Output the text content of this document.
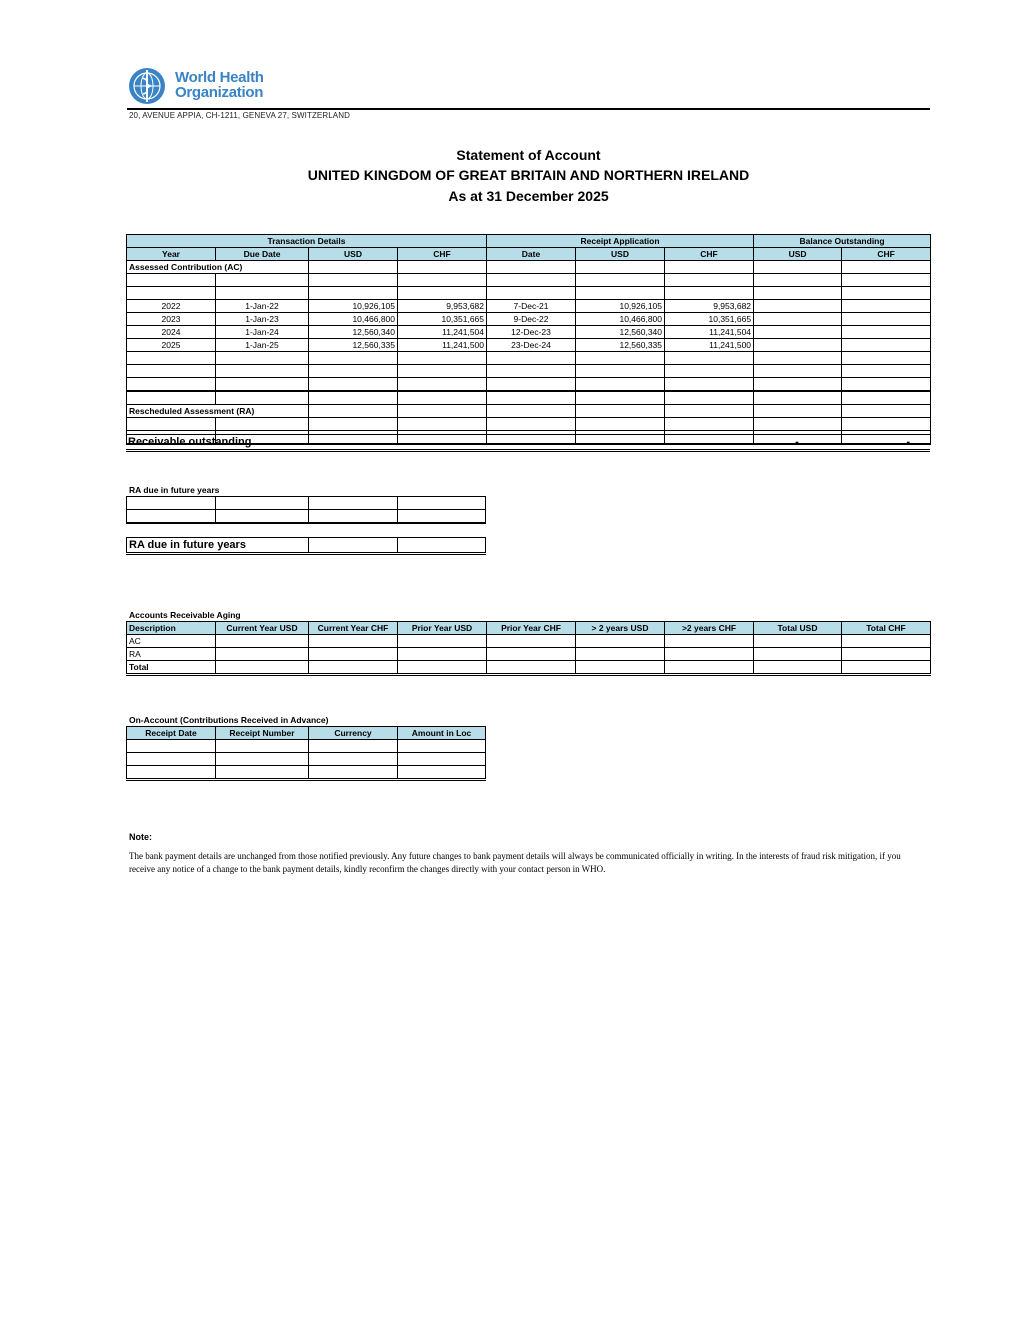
World Health
Organization
20, AVENUE APPIA, CH-1211, GENEVA 27, SWITZERLAND
Statement of Account
UNITED KINGDOM OF GREAT BRITAIN AND NORTHERN IRELAND
As at 31 December 2025
Transaction Details				Receipt Application			Balance Outstanding	
Year	Due Date	USD	CHF	Date	USD	CHF	USD	CHF
Assessed Contribution (AC)								

2022	1-Jan-22	10,926,105	9,953,682	7-Dec-21	10,926,105	9,953,682		
2023	1-Jan-23	10,466,800	10,351,665	9-Dec-22	10,466,800	10,351,665		
2024	1-Jan-24	12,560,340	11,241,504	12-Dec-23	12,560,340	11,241,504		
2025	1-Jan-25	12,560,335	11,241,500	23-Dec-24	12,560,335	11,241,500		

Rescheduled Assessment (RA)								

Receivable outstanding	-	-
RA due in future years

RA due in future years		
Accounts Receivable Aging
Description	Current Year USD	Current Year CHF	Prior Year USD	Prior Year CHF	> 2 years USD	>2 years CHF	Total USD	Total CHF
AC								
RA								
Total								
On-Account (Contributions Received in Advance)
Receipt Date	Receipt Number	Currency	Amount in Loc

Note:
The bank payment details are unchanged from those notified previously. Any future changes to bank payment details will always be communicated officially in writing. In the interests of fraud risk mitigation, if you receive any notice of a change to the bank payment details, kindly reconfirm the changes directly with your contact person in WHO.
